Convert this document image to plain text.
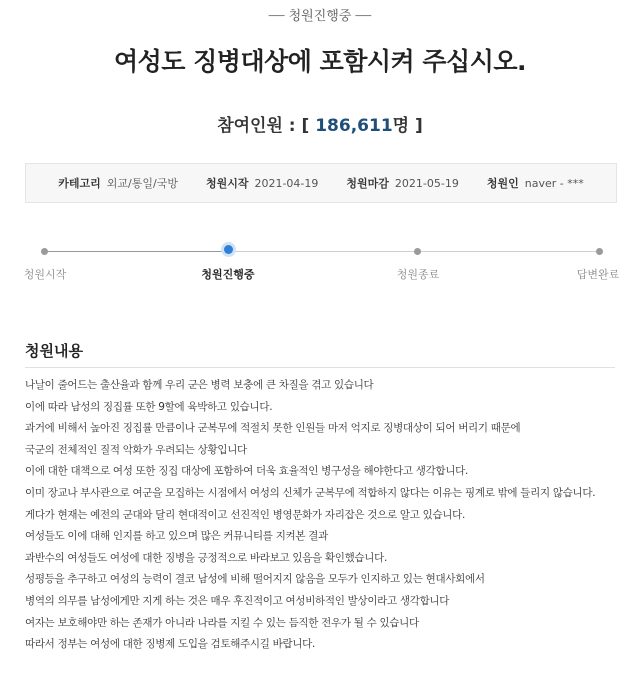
── 청원진행중 ──
여성도 징병대상에 포함시켜 주십시오.
참여인원 : [ 186,611명 ]
카테고리 외교/통일/국방	청원시작 2021-04-19	청원마감 2021-05-19	청원인 naver - ***
청원시작	청원진행중	청원종료	답변완료
청원내용
나날이 줄어드는 출산율과 함께 우리 군은 병력 보충에 큰 차질을 겪고 있습니다
이에 따라 남성의 징집률 또한 9할에 육박하고 있습니다.
과거에 비해서 높아진 징집률 만큼이나 군복무에 적절치 못한 인원들 마저 억지로 징병대상이 되어 버리기 때문에
국군의 전체적인 질적 악화가 우려되는 상황입니다
이에 대한 대책으로 여성 또한 징집 대상에 포함하여 더욱 효율적인 병구성을 해야한다고 생각합니다.
이미 장교나 부사관으로 여군을 모집하는 시점에서 여성의 신체가 군복무에 적합하지 않다는 이유는 핑계로 밖에 들리지 않습니다.
게다가 현재는 예전의 군대와 달리 현대적이고 선진적인 병영문화가 자리잡은 것으로 알고 있습니다.
여성들도 이에 대해 인지를 하고 있으며 많은 커뮤니티를 지켜본 결과
과반수의 여성들도 여성에 대한 징병을 긍정적으로 바라보고 있음을 확인했습니다.
성평등을 추구하고 여성의 능력이 결코 남성에 비해 떨어지지 않음을 모두가 인지하고 있는 현대사회에서
병역의 의무를 남성에게만 지게 하는 것은 매우 후진적이고 여성비하적인 발상이라고 생각합니다
여자는 보호해야만 하는 존재가 아니라 나라를 지킬 수 있는 듬직한 전우가 될 수 있습니다
따라서 정부는 여성에 대한 징병제 도입을 검토해주시길 바랍니다.
